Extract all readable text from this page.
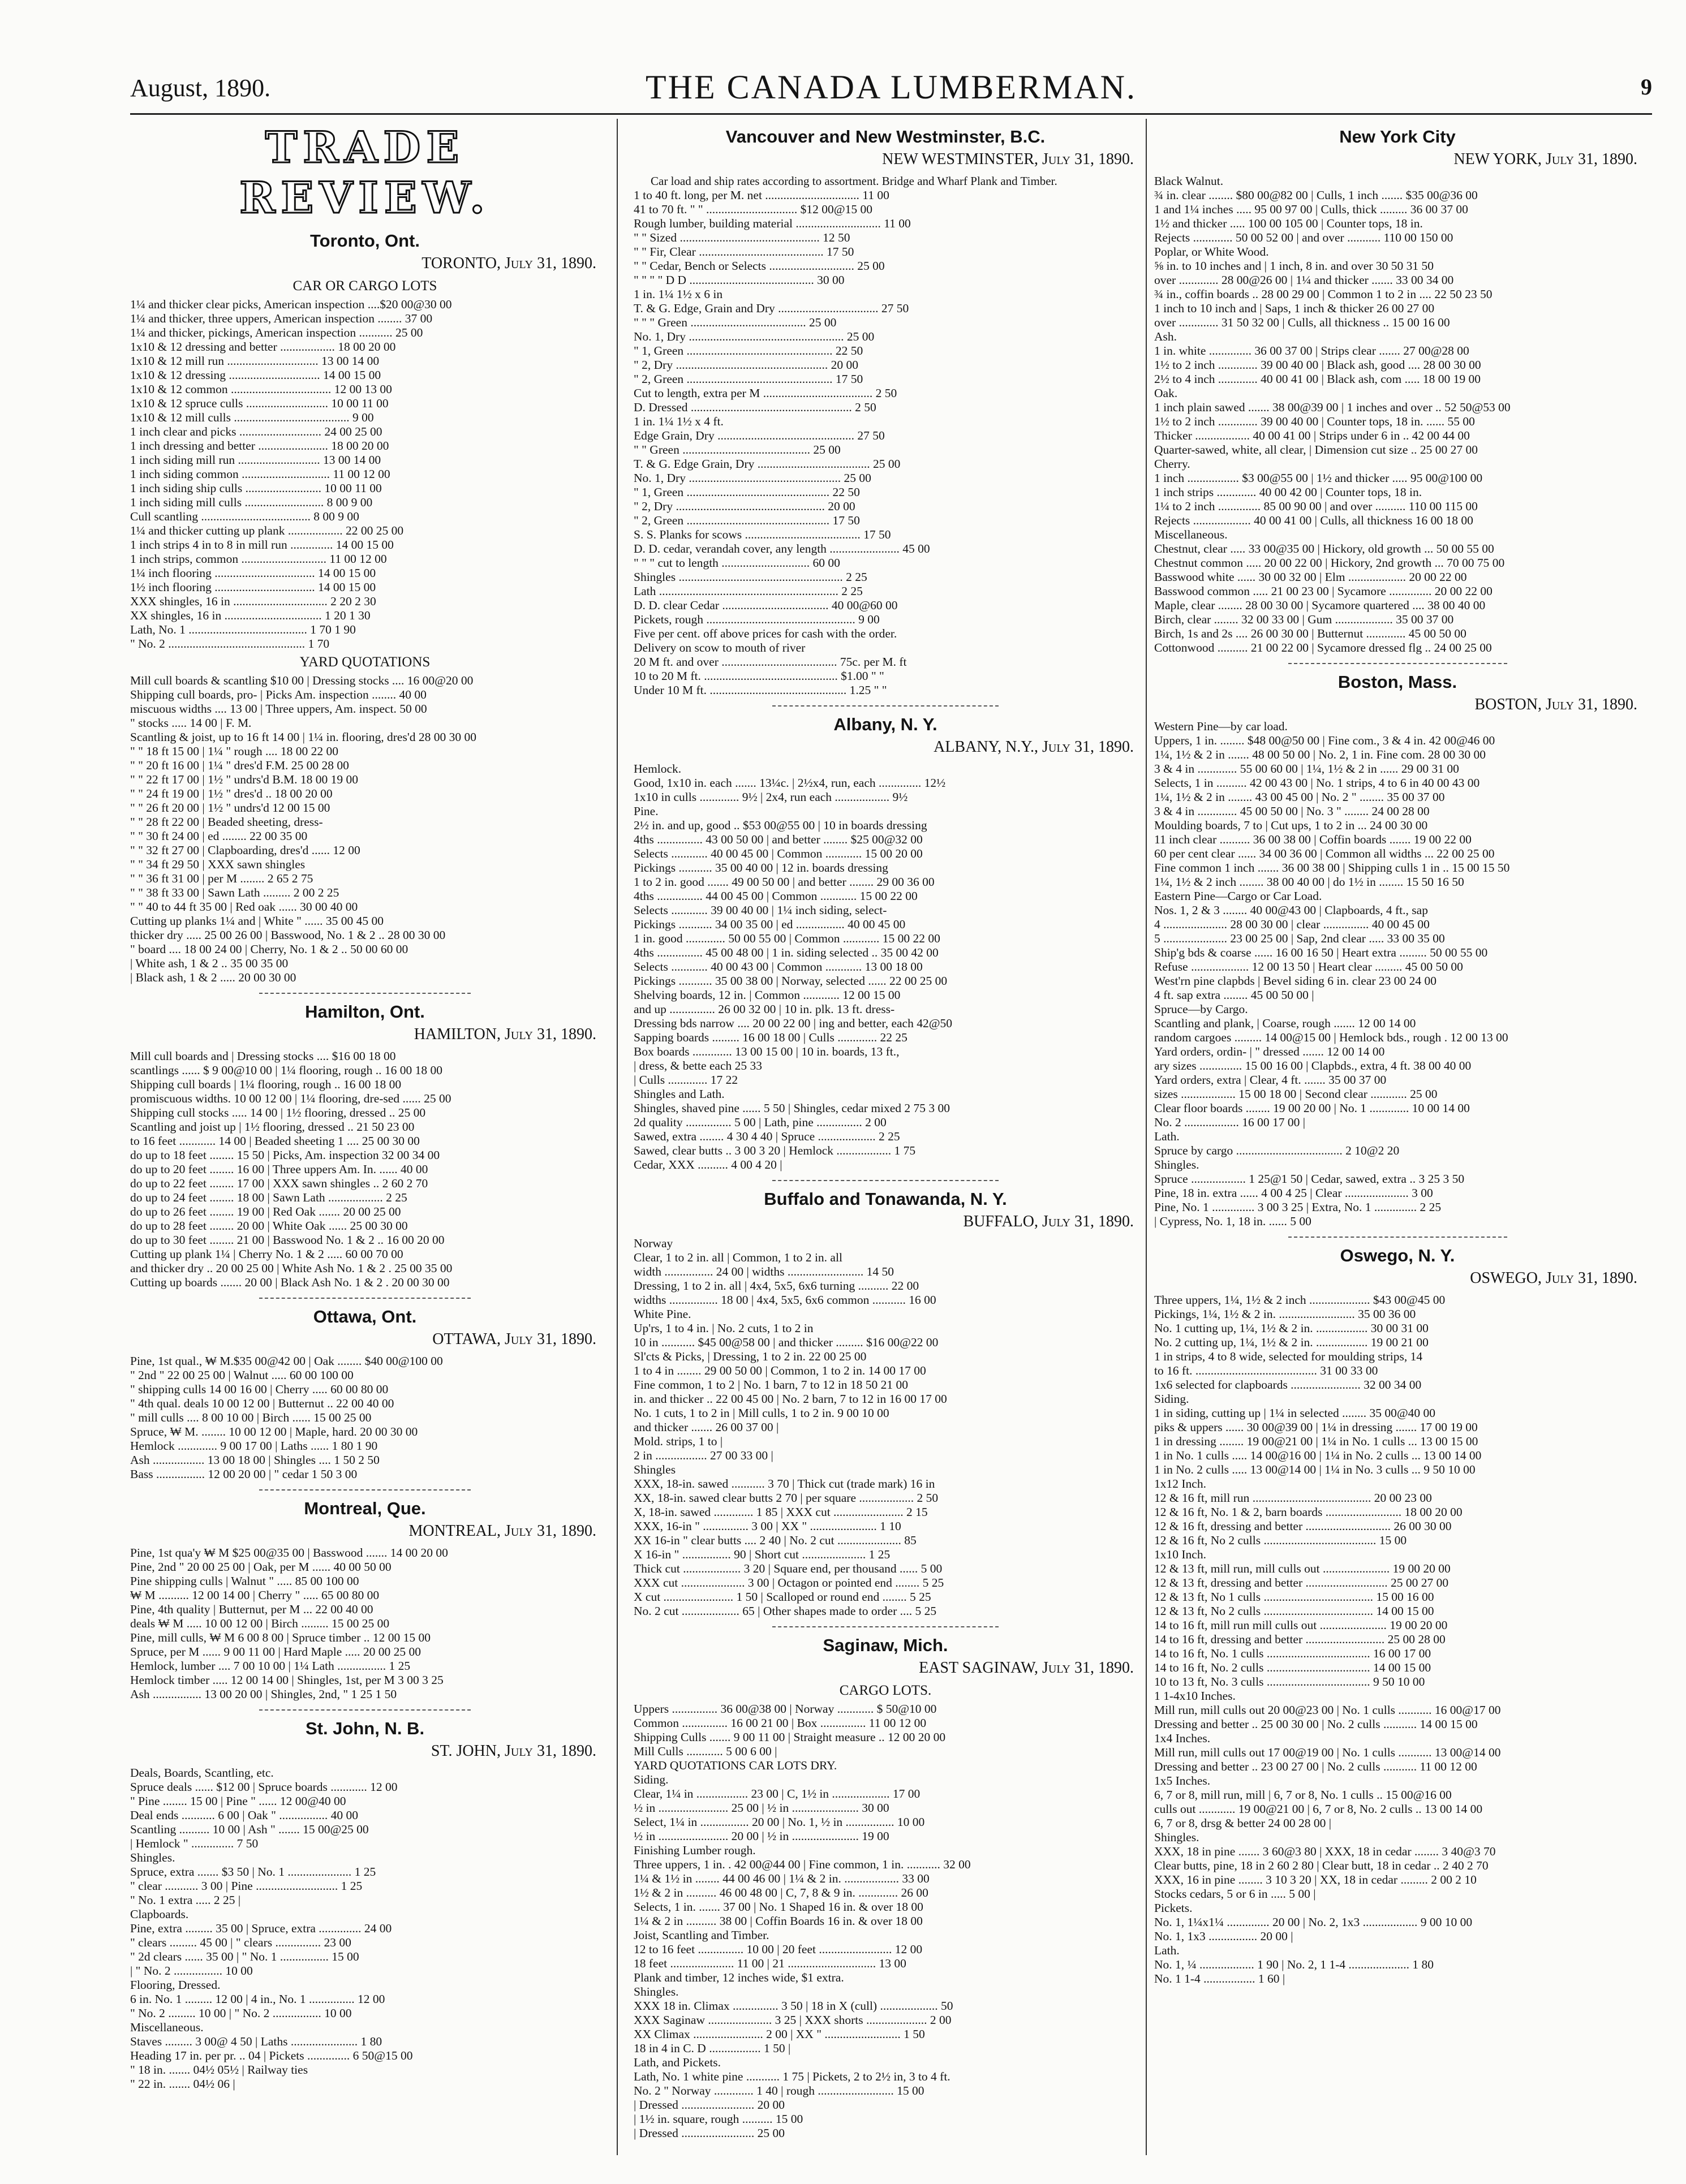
August, 1890.	THE CANADA LUMBERMAN.	9
TRADE REVIEW.
Toronto, Ont.
TORONTO, July 31, 1890.
CAR OR CARGO LOTS
1¼ and thicker clear picks, American inspection ....$20 00@30 00
1¼ and thicker, three uppers, American inspection ........ 37 00
1¼ and thicker, pickings, American inspection ........... 25 00
1x10 & 12 dressing and better .................. 18 00 20 00
1x10 & 12 mill run .............................. 13 00 14 00
1x10 & 12 dressing .............................. 14 00 15 00
1x10 & 12 common ................................. 12 00 13 00
1x10 & 12 spruce culls ........................... 10 00 11 00
1x10 & 12 mill culls ...................................... 9 00
1 inch clear and picks ........................... 24 00 25 00
1 inch dressing and better ....................... 18 00 20 00
1 inch siding mill run ........................... 13 00 14 00
1 inch siding common ............................. 11 00 12 00
1 inch siding ship culls ......................... 10 00 11 00
1 inch siding mill culls .......................... 8 00 9 00
Cull scantling .................................... 8 00 9 00
1¼ and thicker cutting up plank .................. 22 00 25 00
1 inch strips 4 in to 8 in mill run .............. 14 00 15 00
1 inch strips, common ............................ 11 00 12 00
1¼ inch flooring ................................. 14 00 15 00
1½ inch flooring ................................. 14 00 15 00
XXX shingles, 16 in ............................... 2 20 2 30
XX shingles, 16 in ................................ 1 20 1 30
Lath, No. 1 ....................................... 1 70 1 90
" No. 2 ............................................. 1 70
YARD QUOTATIONS
Mill cull boards & scantling $10 00 | Dressing stocks .... 16 00@20 00
Shipping cull boards, pro- | Picks Am. inspection ........ 40 00
miscuous widths .... 13 00 | Three uppers, Am. inspect. 50 00
" stocks ..... 14 00 | F. M.
Scantling & joist, up to 16 ft 14 00 | 1¼ in. flooring, dres'd 28 00 30 00
" " 18 ft 15 00 | 1¼ " rough .... 18 00 22 00
" " 20 ft 16 00 | 1¼ " dres'd F.M. 25 00 28 00
" " 22 ft 17 00 | 1½ " undrs'd B.M. 18 00 19 00
" " 24 ft 19 00 | 1½ " dres'd .. 18 00 20 00
" " 26 ft 20 00 | 1½ " undrs'd 12 00 15 00
" " 28 ft 22 00 | Beaded sheeting, dress-
" " 30 ft 24 00 | ed ........ 22 00 35 00
" " 32 ft 27 00 | Clapboarding, dres'd ...... 12 00
" " 34 ft 29 50 | XXX sawn shingles
" " 36 ft 31 00 | per M ........ 2 65 2 75
" " 38 ft 33 00 | Sawn Lath ......... 2 00 2 25
" " 40 to 44 ft 35 00 | Red oak ...... 30 00 40 00
Cutting up planks 1¼ and | White " ...... 35 00 45 00
thicker dry ..... 25 00 26 00 | Basswood, No. 1 & 2 .. 28 00 30 00
" board .... 18 00 24 00 | Cherry, No. 1 & 2 .. 50 00 60 00
| White ash, 1 & 2 .. 35 00 35 00
| Black ash, 1 & 2 ..... 20 00 30 00
Hamilton, Ont.
HAMILTON, July 31, 1890.
Mill cull boards and | Dressing stocks .... $16 00 18 00
scantlings ...... $ 9 00@10 00 | 1¼ flooring, rough .. 16 00 18 00
Shipping cull boards | 1¼ flooring, rough .. 16 00 18 00
promiscuous widths. 10 00 12 00 | 1¼ flooring, dre-sed ...... 25 00
Shipping cull stocks ..... 14 00 | 1½ flooring, dressed .. 25 00
Scantling and joist up | 1½ flooring, dressed .. 21 50 23 00
to 16 feet ............ 14 00 | Beaded sheeting 1 .... 25 00 30 00
do up to 18 feet ........ 15 50 | Picks, Am. inspection 32 00 34 00
do up to 20 feet ........ 16 00 | Three uppers Am. In. ...... 40 00
do up to 22 feet ........ 17 00 | XXX sawn shingles .. 2 60 2 70
do up to 24 feet ........ 18 00 | Sawn Lath .................. 2 25
do up to 26 feet ........ 19 00 | Red Oak ....... 20 00 25 00
do up to 28 feet ........ 20 00 | White Oak ...... 25 00 30 00
do up to 30 feet ........ 21 00 | Basswood No. 1 & 2 .. 16 00 20 00
Cutting up plank 1¼ | Cherry No. 1 & 2 ..... 60 00 70 00
and thicker dry .. 20 00 25 00 | White Ash No. 1 & 2 . 25 00 35 00
Cutting up boards ....... 20 00 | Black Ash No. 1 & 2 . 20 00 30 00
Ottawa, Ont.
OTTAWA, July 31, 1890.
Pine, 1st qual., ₩ M.$35 00@42 00 | Oak ........ $40 00@100 00
" 2nd " 22 00 25 00 | Walnut ..... 60 00 100 00
" shipping culls 14 00 16 00 | Cherry ..... 60 00 80 00
" 4th qual. deals 10 00 12 00 | Butternut .. 22 00 40 00
" mill culls .... 8 00 10 00 | Birch ...... 15 00 25 00
Spruce, ₩ M. ........ 10 00 12 00 | Maple, hard. 20 00 30 00
Hemlock ............. 9 00 17 00 | Laths ...... 1 80 1 90
Ash ................. 13 00 18 00 | Shingles .... 1 50 2 50
Bass ................ 12 00 20 00 | " cedar 1 50 3 00
Montreal, Que.
MONTREAL, July 31, 1890.
Pine, 1st qua'y ₩ M $25 00@35 00 | Basswood ....... 14 00 20 00
Pine, 2nd " 20 00 25 00 | Oak, per M ...... 40 00 50 00
Pine shipping culls | Walnut " ..... 85 00 100 00
₩ M .......... 12 00 14 00 | Cherry " ..... 65 00 80 00
Pine, 4th quality | Butternut, per M ... 22 00 40 00
deals ₩ M ..... 10 00 12 00 | Birch ......... 15 00 25 00
Pine, mill culls, ₩ M 6 00 8 00 | Spruce timber .. 12 00 15 00
Spruce, per M ...... 9 00 11 00 | Hard Maple ..... 20 00 25 00
Hemlock, lumber .... 7 00 10 00 | 1¼ Lath ................ 1 25
Hemlock timber ..... 12 00 14 00 | Shingles, 1st, per M 3 00 3 25
Ash ................ 13 00 20 00 | Shingles, 2nd, " 1 25 1 50
St. John, N. B.
ST. JOHN, July 31, 1890.
Deals, Boards, Scantling, etc.
Spruce deals ...... $12 00 | Spruce boards ............ 12 00
" Pine ........ 15 00 | Pine " ...... 12 00@40 00
Deal ends ........... 6 00 | Oak " ................ 40 00
Scantling .......... 10 00 | Ash " ....... 15 00@25 00
| Hemlock " .............. 7 50
Shingles.
Spruce, extra ....... $3 50 | No. 1 ..................... 1 25
" clear ........... 3 00 | Pine ........................... 1 25
" No. 1 extra ..... 2 25 |
Clapboards.
Pine, extra ......... 35 00 | Spruce, extra .............. 24 00
" clears ......... 45 00 | " clears ............... 23 00
" 2d clears ...... 35 00 | " No. 1 ................ 15 00
| " No. 2 ................ 10 00
Flooring, Dressed.
6 in. No. 1 ......... 12 00 | 4 in., No. 1 ............... 12 00
" No. 2 ......... 10 00 | " No. 2 ................ 10 00
Miscellaneous.
Staves ......... 3 00@ 4 50 | Laths ...................... 1 80
Heading 17 in. per pr. .. 04 | Pickets .............. 6 50@15 00
" 18 in. ....... 04½ 05½ | Railway ties
" 22 in. ....... 04½ 06 |
Vancouver and New Westminster, B.C.
NEW WESTMINSTER, July 31, 1890.
Car load and ship rates according to assortment. Bridge and Wharf Plank and Timber.
1 to 40 ft. long, per M. net ............................... 11 00
41 to 70 ft. " " .............................. $12 00@15 00
Rough lumber, building material ............................ 11 00
" " Sized .............................................. 12 50
" " Fir, Clear ......................................... 17 50
" " Cedar, Bench or Selects ............................ 25 00
" " " " D D ......................................... 30 00
1 in. 1¼ 1½ x 6 in
T. & G. Edge, Grain and Dry ................................. 27 50
" " " Green ...................................... 25 00
No. 1, Dry ................................................... 25 00
" 1, Green ................................................ 22 50
" 2, Dry .................................................. 20 00
" 2, Green ................................................ 17 50
Cut to length, extra per M .................................... 2 50
D. Dressed ..................................................... 2 50
1 in. 1¼ 1½ x 4 ft.
Edge Grain, Dry ............................................. 27 50
" " Green .......................................... 25 00
T. & G. Edge Grain, Dry ..................................... 25 00
No. 1, Dry .................................................. 25 00
" 1, Green ............................................... 22 50
" 2, Dry ................................................. 20 00
" 2, Green ............................................... 17 50
S. S. Planks for scows ...................................... 17 50
D. D. cedar, verandah cover, any length ....................... 45 00
" " " cut to length ............................. 60 00
Shingles ...................................................... 2 25
Lath ........................................................... 2 25
D. D. clear Cedar ................................... 40 00@60 00
Pickets, rough ................................................. 9 00
Five per cent. off above prices for cash with the order.
Delivery on scow to mouth of river
20 M ft. and over ...................................... 75c. per M. ft
10 to 20 M ft. ............................................ $1.00 " "
Under 10 M ft. ............................................. 1.25 " "
Albany, N. Y.
ALBANY, N.Y., July 31, 1890.
Hemlock.
Good, 1x10 in. each ....... 13¼c. | 2½x4, run, each .............. 12½
1x10 in culls ............. 9½ | 2x4, run each .................. 9½
Pine.
2½ in. and up, good .. $53 00@55 00 | 10 in boards dressing
4ths ............... 43 00 50 00 | and better ........ $25 00@32 00
Selects ............ 40 00 45 00 | Common ............ 15 00 20 00
Pickings ........... 35 00 40 00 | 12 in. boards dressing
1 to 2 in. good ....... 49 00 50 00 | and better ........ 29 00 36 00
4ths ............... 44 00 45 00 | Common ............ 15 00 22 00
Selects ............ 39 00 40 00 | 1¼ inch siding, select-
Pickings ........... 34 00 35 00 | ed ................ 40 00 45 00
1 in. good ............. 50 00 55 00 | Common ............ 15 00 22 00
4ths ............... 45 00 48 00 | 1 in. siding selected .. 35 00 42 00
Selects ............ 40 00 43 00 | Common ............ 13 00 18 00
Pickings ........... 35 00 38 00 | Norway, selected ...... 22 00 25 00
Shelving boards, 12 in. | Common ............ 12 00 15 00
and up ............... 26 00 32 00 | 10 in. plk. 13 ft. dress-
Dressing bds narrow .... 20 00 22 00 | ing and better, each 42@50
Sapping boards ......... 16 00 18 00 | Culls ............. 22 25
Box boards ............. 13 00 15 00 | 10 in. boards, 13 ft.,
| dress, & bette each 25 33
| Culls ............. 17 22
Shingles and Lath.
Shingles, shaved pine ...... 5 50 | Shingles, cedar mixed 2 75 3 00
2d quality ............... 5 00 | Lath, pine ............... 2 00
Sawed, extra ........ 4 30 4 40 | Spruce ................... 2 25
Sawed, clear butts .. 3 00 3 20 | Hemlock .................. 1 75
Cedar, XXX .......... 4 00 4 20 |
Buffalo and Tonawanda, N. Y.
BUFFALO, July 31, 1890.
Norway
Clear, 1 to 2 in. all | Common, 1 to 2 in. all
width ................ 24 00 | widths ......................... 14 50
Dressing, 1 to 2 in. all | 4x4, 5x5, 6x6 turning .......... 22 00
widths ................ 18 00 | 4x4, 5x5, 6x6 common ........... 16 00
White Pine.
Up'rs, 1 to 4 in. | No. 2 cuts, 1 to 2 in
10 in ........... $45 00@58 00 | and thicker ......... $16 00@22 00
Sl'cts & Picks, | Dressing, 1 to 2 in. 22 00 25 00
1 to 4 in ........ 29 00 50 00 | Common, 1 to 2 in. 14 00 17 00
Fine common, 1 to 2 | No. 1 barn, 7 to 12 in 18 50 21 00
in. and thicker .. 22 00 45 00 | No. 2 barn, 7 to 12 in 16 00 17 00
No. 1 cuts, 1 to 2 in | Mill culls, 1 to 2 in. 9 00 10 00
and thicker ....... 26 00 37 00 |
Mold. strips, 1 to |
2 in ................. 27 00 33 00 |
Shingles
XXX, 18-in. sawed ........... 3 70 | Thick cut (trade mark) 16 in
XX, 18-in. sawed clear butts 2 70 | per square .................. 2 50
X, 18-in. sawed ............. 1 85 | XXX cut ....................... 2 15
XXX, 16-in " ............... 3 00 | XX " ...................... 1 10
XX 16-in " clear butts .... 2 40 | No. 2 cut ..................... 85
X 16-in " ................ 90 | Short cut ..................... 1 25
Thick cut ................... 3 20 | Square end, per thousand ...... 5 00
XXX cut ..................... 3 00 | Octagon or pointed end ........ 5 25
X cut ....................... 1 50 | Scalloped or round end ........ 5 25
No. 2 cut ................... 65 | Other shapes made to order .... 5 25
Saginaw, Mich.
EAST SAGINAW, July 31, 1890.
CARGO LOTS.
Uppers ............... 36 00@38 00 | Norway ............ $ 50@10 00
Common ............... 16 00 21 00 | Box ............... 11 00 12 00
Shipping Culls ....... 9 00 11 00 | Straight measure .. 12 00 20 00
Mill Culls ............ 5 00 6 00 |
YARD QUOTATIONS CAR LOTS DRY.
Siding.
Clear, 1¼ in ................. 23 00 | C, 1½ in ................... 17 00
½ in ....................... 25 00 | ½ in ...................... 30 00
Select, 1¼ in ................ 20 00 | No. 1, ½ in ................ 10 00
½ in ....................... 20 00 | ½ in ...................... 19 00
Finishing Lumber rough.
Three uppers, 1 in. . 42 00@44 00 | Fine common, 1 in. ........... 32 00
1¼ & 1½ in ........ 44 00 46 00 | 1¼ & 2 in. .................. 33 00
1½ & 2 in .......... 46 00 48 00 | C, 7, 8 & 9 in. ............. 26 00
Selects, 1 in. ....... 37 00 | No. 1 Shaped 16 in. & over 18 00
1¼ & 2 in .......... 38 00 | Coffin Boards 16 in. & over 18 00
Joist, Scantling and Timber.
12 to 16 feet ............... 10 00 | 20 feet ........................ 12 00
18 feet ..................... 11 00 | 21 ............................. 13 00
Plank and timber, 12 inches wide, $1 extra.
Shingles.
XXX 18 in. Climax ............... 3 50 | 18 in X (cull) ................... 50
XXX Saginaw ..................... 3 25 | XXX shorts .................... 2 00
XX Climax ....................... 2 00 | XX " ......................... 1 50
18 in 4 in C. D ................. 1 50 |
Lath, and Pickets.
Lath, No. 1 white pine ........... 1 75 | Pickets, 2 to 2½ in, 3 to 4 ft.
No. 2 " Norway ............. 1 40 | rough ......................... 15 00
| Dressed ........................ 20 00
| 1½ in. square, rough .......... 15 00
| Dressed ........................ 25 00
New York City
NEW YORK, July 31, 1890.
Black Walnut.
¾ in. clear ........ $80 00@82 00 | Culls, 1 inch ....... $35 00@36 00
1 and 1¼ inches ..... 95 00 97 00 | Culls, thick ......... 36 00 37 00
1½ and thicker ..... 100 00 105 00 | Counter tops, 18 in.
Rejects ............. 50 00 52 00 | and over ........... 110 00 150 00
Poplar, or White Wood.
⅝ in. to 10 inches and | 1 inch, 8 in. and over 30 50 31 50
over ............. 28 00@26 00 | 1¼ and thicker ....... 33 00 34 00
¾ in., coffin boards .. 28 00 29 00 | Common 1 to 2 in .... 22 50 23 50
1 inch to 10 inch and | Saps, 1 inch & thicker 26 00 27 00
over ............. 31 50 32 00 | Culls, all thickness .. 15 00 16 00
Ash.
1 in. white .............. 36 00 37 00 | Strips clear ....... 27 00@28 00
1½ to 2 inch ............. 39 00 40 00 | Black ash, good .... 28 00 30 00
2½ to 4 inch ............. 40 00 41 00 | Black ash, com ..... 18 00 19 00
Oak.
1 inch plain sawed ....... 38 00@39 00 | 1 inches and over .. 52 50@53 00
1½ to 2 inch ............. 39 00 40 00 | Counter tops, 18 in. ...... 55 00
Thicker .................. 40 00 41 00 | Strips under 6 in .. 42 00 44 00
Quarter-sawed, white, all clear, | Dimension cut size .. 25 00 27 00
Cherry.
1 inch ................. $3 00@55 00 | 1½ and thicker ..... 95 00@100 00
1 inch strips ............. 40 00 42 00 | Counter tops, 18 in.
1¼ to 2 inch .............. 85 00 90 00 | and over .......... 110 00 115 00
Rejects ................... 40 00 41 00 | Culls, all thickness 16 00 18 00
Miscellaneous.
Chestnut, clear ..... 33 00@35 00 | Hickory, old growth ... 50 00 55 00
Chestnut common ..... 20 00 22 00 | Hickory, 2nd growth ... 70 00 75 00
Basswood white ...... 30 00 32 00 | Elm ................... 20 00 22 00
Basswood common ..... 21 00 23 00 | Sycamore .............. 20 00 22 00
Maple, clear ........ 28 00 30 00 | Sycamore quartered .... 38 00 40 00
Birch, clear ........ 32 00 33 00 | Gum ................... 35 00 37 00
Birch, 1s and 2s .... 26 00 30 00 | Butternut ............. 45 00 50 00
Cottonwood .......... 21 00 22 00 | Sycamore dressed flg .. 24 00 25 00
Boston, Mass.
BOSTON, July 31, 1890.
Western Pine—by car load.
Uppers, 1 in. ........ $48 00@50 00 | Fine com., 3 & 4 in. 42 00@46 00
1¼, 1½ & 2 in ....... 48 00 50 00 | No. 2, 1 in. Fine com. 28 00 30 00
3 & 4 in ............. 55 00 60 00 | 1¼, 1½ & 2 in ...... 29 00 31 00
Selects, 1 in .......... 42 00 43 00 | No. 1 strips, 4 to 6 in 40 00 43 00
1¼, 1½ & 2 in ........ 43 00 45 00 | No. 2 " ........ 35 00 37 00
3 & 4 in ............. 45 00 50 00 | No. 3 " ........ 24 00 28 00
Moulding boards, 7 to | Cut ups, 1 to 2 in ... 24 00 30 00
11 inch clear .......... 36 00 38 00 | Coffin boards ....... 19 00 22 00
60 per cent clear ...... 34 00 36 00 | Common all widths ... 22 00 25 00
Fine common 1 inch ....... 36 00 38 00 | Shipping culls 1 in .. 15 00 15 50
1¼, 1½ & 2 inch ........ 38 00 40 00 | do 1½ in ........ 15 50 16 50
Eastern Pine—Cargo or Car Load.
Nos. 1, 2 & 3 ........ 40 00@43 00 | Clapboards, 4 ft., sap
4 ..................... 28 00 30 00 | clear ............... 40 00 45 00
5 ..................... 23 00 25 00 | Sap, 2nd clear ..... 33 00 35 00
Ship'g bds & coarse ...... 16 00 16 50 | Heart extra ......... 50 00 55 00
Refuse ................... 12 00 13 50 | Heart clear ......... 45 00 50 00
West'rn pine clapbds | Bevel siding 6 in. clear 23 00 24 00
4 ft. sap extra ........ 45 00 50 00 |
Spruce—by Cargo.
Scantling and plank, | Coarse, rough ....... 12 00 14 00
random cargoes ......... 14 00@15 00 | Hemlock bds., rough . 12 00 13 00
Yard orders, ordin- | " dressed ....... 12 00 14 00
ary sizes .............. 15 00 16 00 | Clapbds., extra, 4 ft. 38 00 40 00
Yard orders, extra | Clear, 4 ft. ....... 35 00 37 00
sizes .................. 15 00 18 00 | Second clear ............ 25 00
Clear floor boards ........ 19 00 20 00 | No. 1 ............. 10 00 14 00
No. 2 .................. 16 00 17 00 |
Lath.
Spruce by cargo ................................... 2 10@2 20
Shingles.
Spruce .................. 1 25@1 50 | Cedar, sawed, extra .. 3 25 3 50
Pine, 18 in. extra ...... 4 00 4 25 | Clear ..................... 3 00
Pine, No. 1 .............. 3 00 3 25 | Extra, No. 1 .............. 2 25
| Cypress, No. 1, 18 in. ...... 5 00
Oswego, N. Y.
OSWEGO, July 31, 1890.
Three uppers, 1¼, 1½ & 2 inch .................... $43 00@45 00
Pickings, 1¼, 1½ & 2 in. ......................... 35 00 36 00
No. 1 cutting up, 1¼, 1½ & 2 in. ................. 30 00 31 00
No. 2 cutting up, 1¼, 1½ & 2 in. ................. 19 00 21 00
1 in strips, 4 to 8 wide, selected for moulding strips, 14
to 16 ft. ........................................ 31 00 33 00
1x6 selected for clapboards ....................... 32 00 34 00
Siding.
1 in siding, cutting up | 1¼ in selected ........ 35 00@40 00
piks & uppers ...... 30 00@39 00 | 1¼ in dressing ....... 17 00 19 00
1 in dressing ........ 19 00@21 00 | 1¼ in No. 1 culls ... 13 00 15 00
1 in No. 1 culls ..... 14 00@16 00 | 1¼ in No. 2 culls ... 13 00 14 00
1 in No. 2 culls ..... 13 00@14 00 | 1¼ in No. 3 culls ... 9 50 10 00
1x12 Inch.
12 & 16 ft, mill run ....................................... 20 00 23 00
12 & 16 ft, No. 1 & 2, barn boards ......................... 18 00 20 00
12 & 16 ft, dressing and better ............................ 26 00 30 00
12 & 16 ft, No 2 culls ..................................... 15 00
1x10 Inch.
12 & 13 ft, mill run, mill culls out ...................... 19 00 20 00
12 & 13 ft, dressing and better ........................... 25 00 27 00
12 & 13 ft, No 1 culls .................................... 15 00 16 00
12 & 13 ft, No 2 culls .................................... 14 00 15 00
14 to 16 ft, mill run mill culls out ...................... 19 00 20 00
14 to 16 ft, dressing and better .......................... 25 00 28 00
14 to 16 ft, No. 1 culls .................................. 16 00 17 00
14 to 16 ft, No. 2 culls .................................. 14 00 15 00
10 to 13 ft, No. 3 culls .................................. 9 50 10 00
1 1-4x10 Inches.
Mill run, mill culls out 20 00@23 00 | No. 1 culls ........... 16 00@17 00
Dressing and better .. 25 00 30 00 | No. 2 culls ........... 14 00 15 00
1x4 Inches.
Mill run, mill culls out 17 00@19 00 | No. 1 culls ........... 13 00@14 00
Dressing and better .. 23 00 27 00 | No. 2 culls ........... 11 00 12 00
1x5 Inches.
6, 7 or 8, mill run, mill | 6, 7 or 8, No. 1 culls .. 15 00@16 00
culls out ............ 19 00@21 00 | 6, 7 or 8, No. 2 culls .. 13 00 14 00
6, 7 or 8, drsg & better 24 00 28 00 |
Shingles.
XXX, 18 in pine ....... 3 60@3 80 | XXX, 18 in cedar ........ 3 40@3 70
Clear butts, pine, 18 in 2 60 2 80 | Clear butt, 18 in cedar .. 2 40 2 70
XXX, 16 in pine ........ 3 10 3 20 | XX, 18 in cedar ......... 2 00 2 10
Stocks cedars, 5 or 6 in ..... 5 00 |
Pickets.
No. 1, 1¼x1¼ .............. 20 00 | No. 2, 1x3 .................. 9 00 10 00
No. 1, 1x3 ................ 20 00 |
Lath.
No. 1, ¼ .................. 1 90 | No. 2, 1 1-4 .................... 1 80
No. 1 1-4 ................. 1 60 |
